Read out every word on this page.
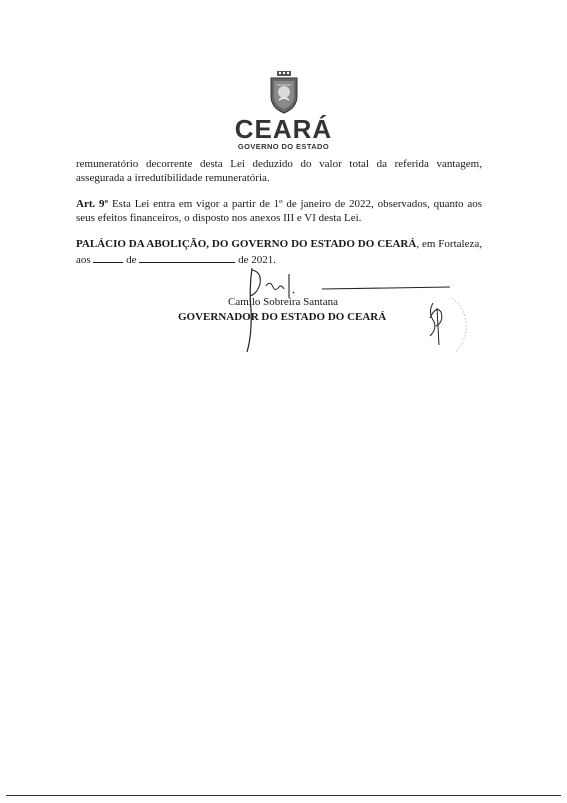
CEARÁ
GOVERNO DO ESTADO

remuneratório decorrente desta Lei deduzido do valor total da referida vantagem, assegurada a irredutibilidade remuneratória.

Art. 9º Esta Lei entra em vigor a partir de 1º de janeiro de 2022, observados, quanto aos seus efeitos financeiros, o disposto nos anexos III e VI desta Lei.

PALÁCIO DA ABOLIÇÃO, DO GOVERNO DO ESTADO DO CEARÁ, em Fortaleza, aos	de	de 2021.

Camilo Sobreira Santana
GOVERNADOR DO ESTADO DO CEARÁ
